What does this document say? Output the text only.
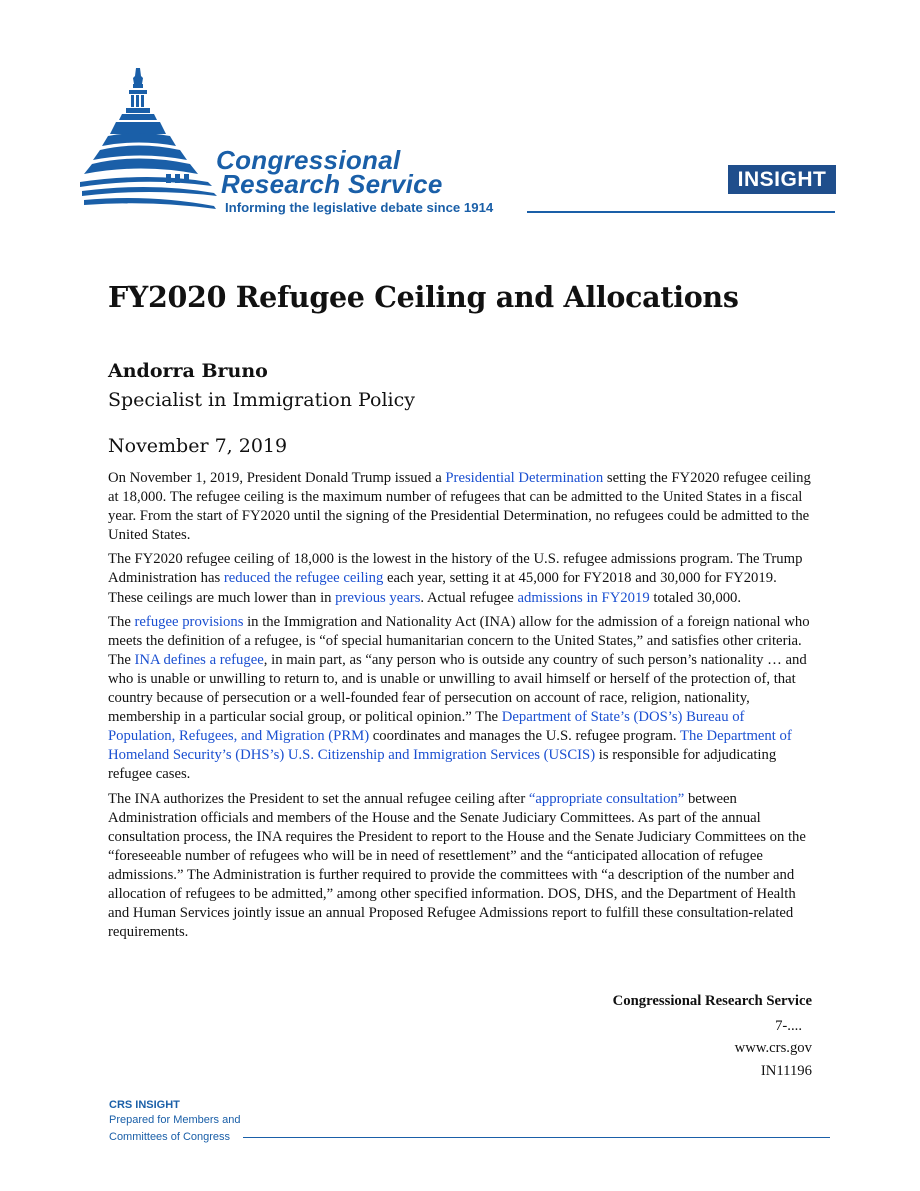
Congressional
Research Service
Informing the legislative debate since 1914
INSIGHT
FY2020 Refugee Ceiling and Allocations
Andorra Bruno
Specialist in Immigration Policy
November 7, 2019

On November 1, 2019, President Donald Trump issued a Presidential Determination setting the FY2020 refugee ceiling at 18,000. The refugee ceiling is the maximum number of refugees that can be admitted to the United States in a fiscal year. From the start of FY2020 until the signing of the Presidential Determination, no refugees could be admitted to the United States.

The FY2020 refugee ceiling of 18,000 is the lowest in the history of the U.S. refugee admissions program. The Trump Administration has reduced the refugee ceiling each year, setting it at 45,000 for FY2018 and 30,000 for FY2019. These ceilings are much lower than in previous years. Actual refugee admissions in FY2019 totaled 30,000.

The refugee provisions in the Immigration and Nationality Act (INA) allow for the admission of a foreign national who meets the definition of a refugee, is “of special humanitarian concern to the United States,” and satisfies other criteria. The INA defines a refugee, in main part, as “any person who is outside any country of such person’s nationality … and who is unable or unwilling to return to, and is unable or unwilling to avail himself or herself of the protection of, that country because of persecution or a well-founded fear of persecution on account of race, religion, nationality, membership in a particular social group, or political opinion.” The Department of State’s (DOS’s) Bureau of Population, Refugees, and Migration (PRM) coordinates and manages the U.S. refugee program. The Department of Homeland Security’s (DHS’s) U.S. Citizenship and Immigration Services (USCIS) is responsible for adjudicating refugee cases.

The INA authorizes the President to set the annual refugee ceiling after “appropriate consultation” between Administration officials and members of the House and the Senate Judiciary Committees. As part of the annual consultation process, the INA requires the President to report to the House and the Senate Judiciary Committees on the “foreseeable number of refugees who will be in need of resettlement” and the “anticipated allocation of refugee admissions.” The Administration is further required to provide the committees with “a description of the number and allocation of refugees to be admitted,” among other specified information. DOS, DHS, and the Department of Health and Human Services jointly issue an annual Proposed Refugee Admissions report to fulfill these consultation-related requirements.

Congressional Research Service
7-....
www.crs.gov
IN11196
CRS INSIGHT
Prepared for Members and
Committees of Congress
